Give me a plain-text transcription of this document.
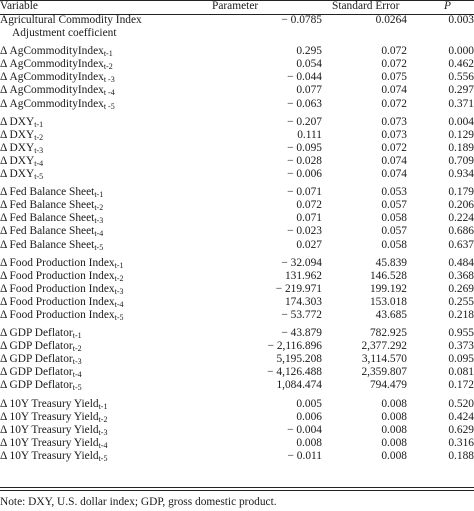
Variable	Parameter	Standard Error	P
Agricultural Commodity Index	− 0.0785	0.0264	0.003
Adjustment coefficient			

Δ AgCommodityIndex$_{t-1}$	0.295	0.072	0.000
Δ AgCommodityIndex$_{t-2}$	0.054	0.072	0.462
Δ AgCommodityIndex$_{t -3}$	− 0.044	0.075	0.556
Δ AgCommodityIndex$_{t -4}$	0.077	0.074	0.297
Δ AgCommodityIndex$_{t -5}$	− 0.063	0.072	0.371

Δ $DXY_{t-1}$	− 0.207	0.073	0.004
Δ $DXY_{t-2}$	0.111	0.073	0.129
Δ $DXY_{t-3}$	− 0.095	0.072	0.189
Δ $DXY_{t-4}$	− 0.028	0.074	0.709
Δ $DXY_{t-5}$	− 0.006	0.074	0.934

Δ Fed Balance Sheet$_{t-1}$	− 0.071	0.053	0.179
Δ Fed Balance Sheet$_{t-2}$	0.072	0.057	0.206
Δ Fed Balance Sheet$_{t-3}$	0.071	0.058	0.224
Δ Fed Balance Sheet$_{t-4}$	− 0.023	0.057	0.686
Δ Fed Balance Sheet$_{t-5}$	0.027	0.058	0.637

Δ Food Production Index$_{t-1}$	− 32.094	45.839	0.484
Δ Food Production Index$_{t-2}$	131.962	146.528	0.368
Δ Food Production Index$_{t-3}$	− 219.971	199.192	0.269
Δ Food Production Index$_{t-4}$	174.303	153.018	0.255
Δ Food Production Index$_{t-5}$	− 53.772	43.685	0.218

Δ GDP Deflator$_{t-1}$	− 43.879	782.925	0.955
Δ GDP Deflator$_{t-2}$	− 2,116.896	2,377.292	0.373
Δ GDP Deflator$_{t-3}$	5,195.208	3,114.570	0.095
Δ GDP Deflator$_{t-4}$	− 4,126.488	2,359.807	0.081
Δ GDP Deflator$_{t-5}$	1,084.474	794.479	0.172

Δ 10Y Treasury Yield$_{t-1}$	0.005	0.008	0.520
Δ 10Y Treasury Yield$_{t-2}$	0.006	0.008	0.424
Δ 10Y Treasury Yield$_{t-3}$	− 0.004	0.008	0.629
Δ 10Y Treasury Yield$_{t-4}$	0.008	0.008	0.316
Δ 10Y Treasury Yield$_{t-5}$	− 0.011	0.008	0.188
Note: DXY, U.S. dollar index; GDP, gross domestic product.
